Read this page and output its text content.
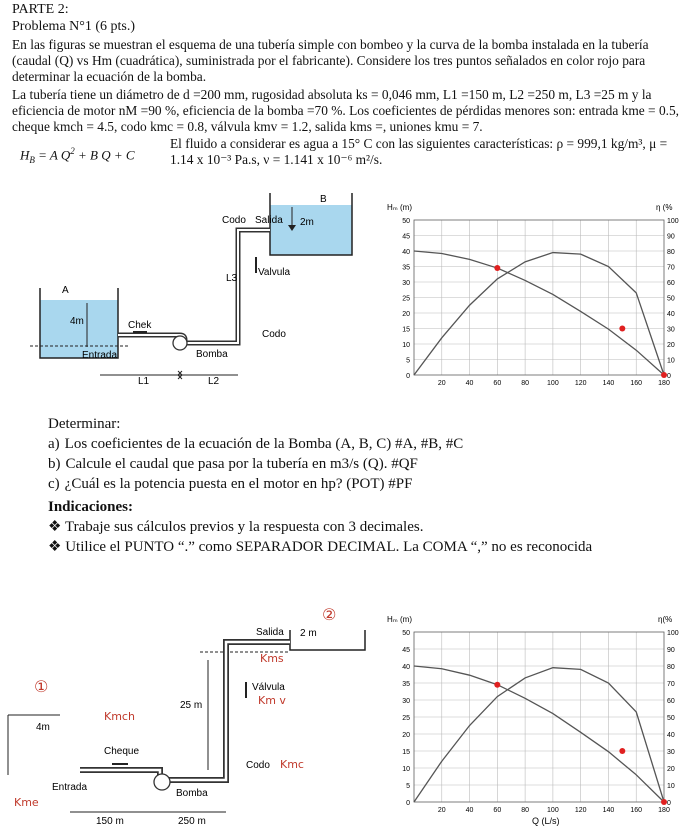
PARTE 2:
Problema N°1 (6 pts.)
En las figuras se muestran el esquema de una tubería simple con bombeo y la curva de la bomba instalada en la tubería (caudal (Q) vs Hm (cuadrática), suministrada por el fabricante). Considere los tres puntos señalados en color rojo para determinar la ecuación de la bomba.
La tubería tiene un diámetro de d =200 mm, rugosidad absoluta ks = 0,046 mm, L1 =150 m, L2 =250 m, L3 =25 m y la eficiencia de motor nM =90 %, eficiencia de la bomba =70 %. Los coeficientes de pérdidas menores son: entrada kme = 0.5, cheque kmch = 4.5, codo kmc = 0.8, válvula kmv = 1.2, salida kms =, uniones kmu = 7.
$H_B = A$ $Q^2 + B$ Q + C
El fluido a considerar es agua a 15° C con las siguientes características: ρ = 999,1 kg/m³, μ = 1.14 x 10⁻³ Pa.s, ν = 1.141 x 10⁻⁶ m²/s.
B
2m
A
4m
Codo Salida
Valvula
L3
Chek
Entrada	Bomba
Codo
L1	L2
Hₘ (m)	η (%
50
45
40
35
30
25
20
15
10
5
0
100
90
80
70
60
50
40
30
20
10
0
20	40	60	80	100 120 140 160 180
Determinar:
a) Los coeficientes de la ecuación de la Bomba (A, B, C) #A, #B, #C
b) Calcule el caudal que pasa por la tubería en m3/s (Q). #QF
c) ¿Cuál es la potencia puesta en el motor en hp? (POT) #PF
Indicaciones:
❖ Trabaje sus cálculos previos y la respuesta con 3 decimales.
❖ Utilice el PUNTO “.” como SEPARADOR DECIMAL. La COMA “,” no es reconocida
②
①
Salida 2 m
Kms
Válvula
Km v
25 m
Kmch
4m
Cheque
Codo Kmc
Entrada
Kme
Bomba
150 m	250 m
Hₘ (m)	η(%
50
45
40
35
30
25
20
15
10
5
0
100
90
80
70
60
50
40
30
20
10
0
20	40	60	80	100 120 140 160 180
Q (L/s)
